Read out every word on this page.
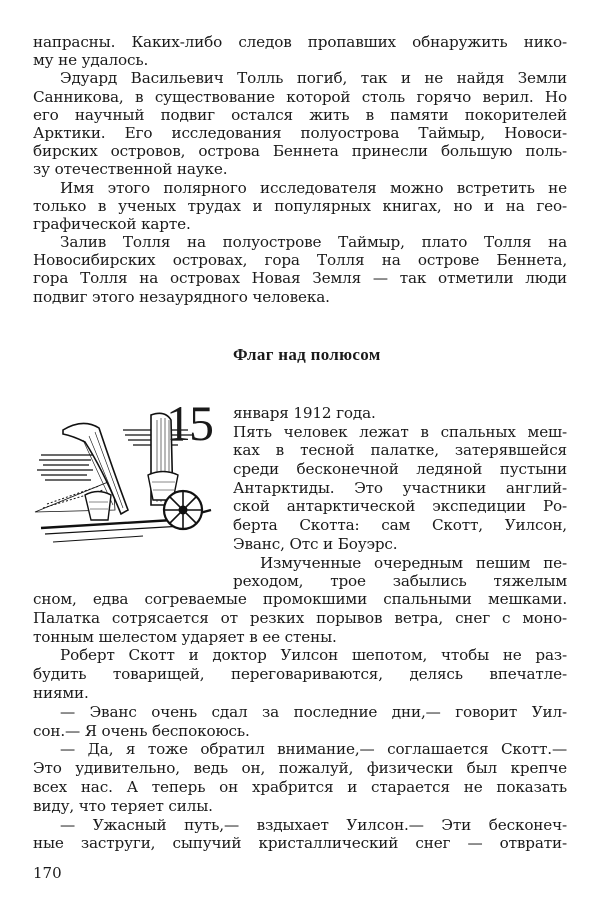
напрасны. Каких-либо следов пропавших обнаружить нико-
му не удалось.
Эдуард Васильевич Толль погиб, так и не найдя Земли
Санникова, в существование которой столь горячо верил. Но
его научный подвиг остался жить в памяти покорителей
Арктики. Его исследования полуострова Таймыр, Новоси-
бирских островов, острова Беннета принесли большую поль-
зу отечественной науке.
Имя этого полярного исследователя можно встретить не
только в ученых трудах и популярных книгах, но и на гео-
графической карте.
Залив Толля на полуострове Таймыр, плато Толля на
Новосибирских островах, гора Толля на острове Беннета,
гора Толля на островах Новая Земля — так отметили люди
подвиг этого незаурядного человека.
Флаг над полюсом
15 января 1912 года.
Пять человек лежат в спальных меш-
ках в тесной палатке, затерявшейся
среди бесконечной ледяной пустыни
Антарктиды. Это участники англий-
ской антарктической экспедиции Ро-
берта Скотта: сам Скотт, Уилсон,
Эванс, Отс и Боуэрс.
Измученные очередным пешим пе-
реходом, трое забылись тяжелым
сном, едва согреваемые промокшими спальными мешками.
Палатка сотрясается от резких порывов ветра, снег с моно-
тонным шелестом ударяет в ее стены.
Роберт Скотт и доктор Уилсон шепотом, чтобы не раз-
будить товарищей, переговариваются, делясь впечатле-
ниями.
— Эванс очень сдал за последние дни,— говорит Уил-
сон.— Я очень беспокоюсь.
— Да, я тоже обратил внимание,— соглашается Скотт.—
Это удивительно, ведь он, пожалуй, физически был крепче
всех нас. А теперь он храбрится и старается не показать
виду, что теряет силы.
— Ужасный путь,— вздыхает Уилсон.— Эти бесконеч-
ные заструги, сыпучий кристаллический снег — отврати-
170
